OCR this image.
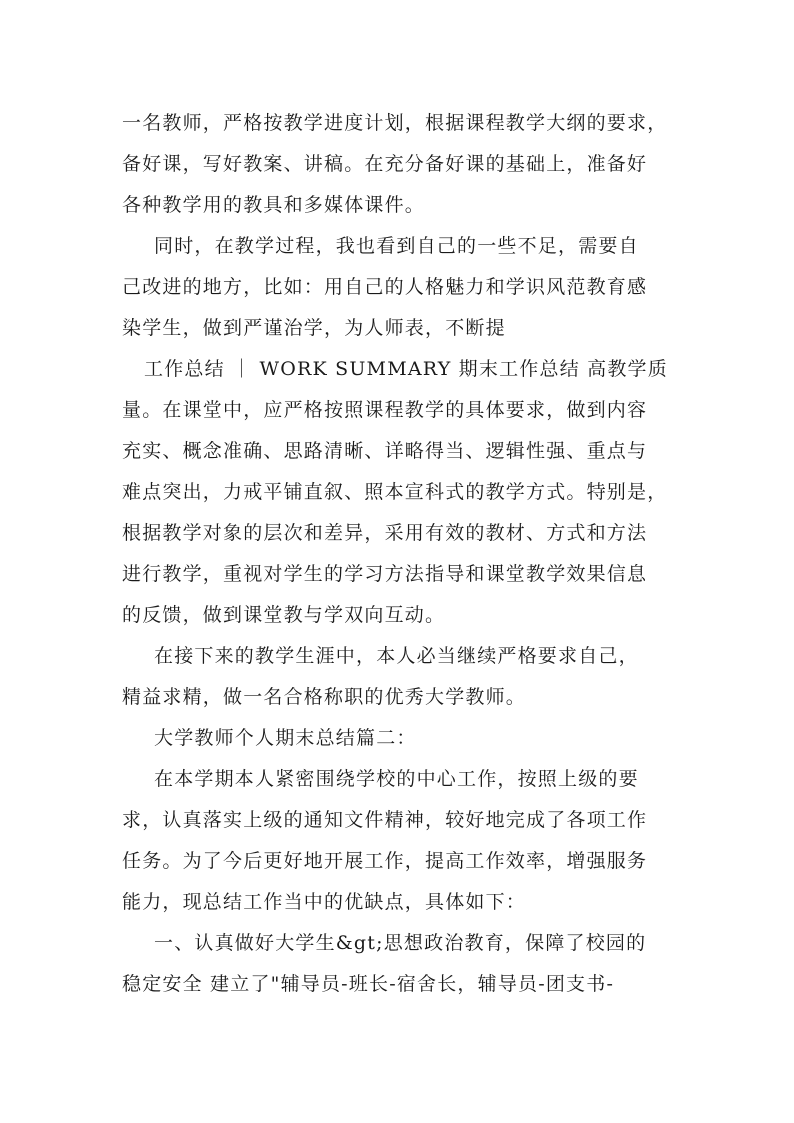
一名教师，严格按教学进度计划，根据课程教学大纲的要求，
备好课，写好教案、讲稿。在充分备好课的基础上，准备好
各种教学用的教具和多媒体课件。
同时，在教学过程，我也看到自己的一些不足，需要自
己改进的地方，比如：用自己的人格魅力和学识风范教育感
染学生，做到严谨治学，为人师表，不断提
工作总结 ｜ WORK SUMMARY 期末工作总结 高教学质
量。在课堂中，应严格按照课程教学的具体要求，做到内容
充实、概念准确、思路清晰、详略得当、逻辑性强、重点与
难点突出，力戒平铺直叙、照本宣科式的教学方式。特别是，
根据教学对象的层次和差异，采用有效的教材、方式和方法
进行教学，重视对学生的学习方法指导和课堂教学效果信息
的反馈，做到课堂教与学双向互动。
在接下来的教学生涯中，本人必当继续严格要求自己，
精益求精，做一名合格称职的优秀大学教师。
大学教师个人期末总结篇二：
在本学期本人紧密围绕学校的中心工作，按照上级的要
求，认真落实上级的通知文件精神，较好地完成了各项工作
任务。为了今后更好地开展工作，提高工作效率，增强服务
能力，现总结工作当中的优缺点，具体如下：
一、认真做好大学生&gt;思想政治教育，保障了校园的
稳定安全 建立了"辅导员-班长-宿舍长，辅导员-团支书-
